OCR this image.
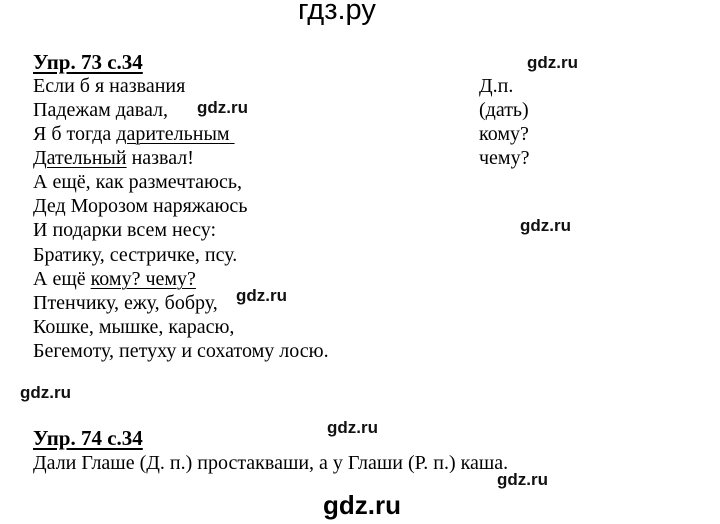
гдз.ру
Упр. 73 с.34
Если б я названия
Падежам давал,
Я б тогда дарительным
Дательный назвал!
А ещё, как размечтаюсь,
Дед Морозом наряжаюсь
И подарки всем несу:
Братику, сестричке, псу.
А ещё кому? чему?
Птенчику, ежу, бобру,
Кошке, мышке, карасю,
Бегемоту, петуху и сохатому лосю.
Д.п.
(дать)
кому?
чему?
gdz.ru
gdz.ru
gdz.ru
gdz.ru
gdz.ru
gdz.ru
gdz.ru
Упр. 74 с.34
Дали Глаше (Д. п.) простакваши, а у Глаши (Р. п.) каша.
gdz.ru
